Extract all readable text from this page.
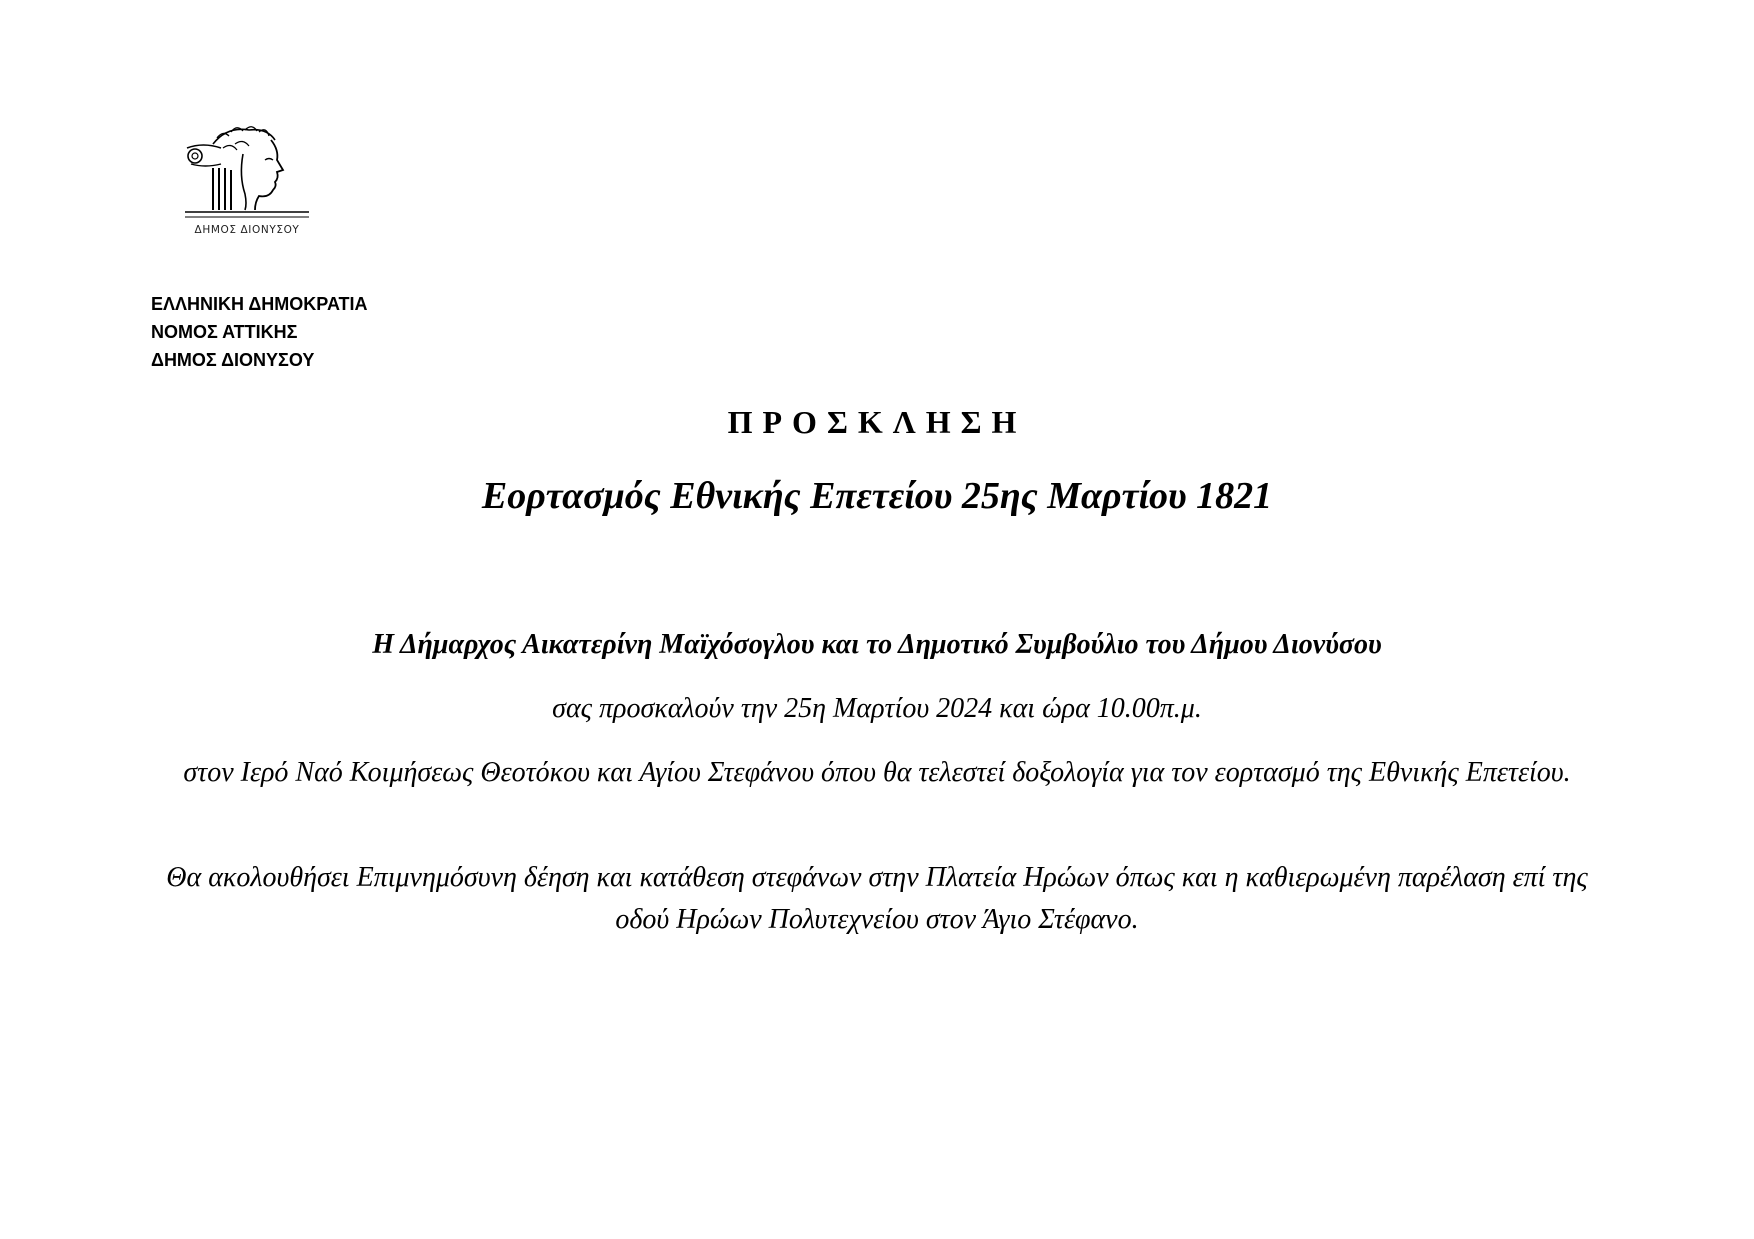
ΔΗΜΟΣ ΔΙΟΝΥΣΟΥ
ΕΛΛΗΝΙΚΗ ΔΗΜΟΚΡΑΤΙΑ
ΝΟΜΟΣ ΑΤΤΙΚΗΣ
ΔΗΜΟΣ ΔΙΟΝΥΣΟΥ
ΠΡΟΣΚΛΗΣΗ
Εορτασμός Εθνικής Επετείου 25ης Μαρτίου 1821
Η Δήμαρχος Αικατερίνη Μαϊχόσογλου και το Δημοτικό Συμβούλιο του Δήμου Διονύσου
σας προσκαλούν την 25η Μαρτίου 2024 και ώρα 10.00π.μ.
στον Ιερό Ναό Κοιμήσεως Θεοτόκου και Αγίου Στεφάνου όπου θα τελεστεί δοξολογία για τον εορτασμό της Εθνικής Επετείου.
Θα ακολουθήσει Επιμνημόσυνη δέηση και κατάθεση στεφάνων στην Πλατεία Ηρώων όπως και η καθιερωμένη παρέλαση επί της οδού Ηρώων Πολυτεχνείου στον Άγιο Στέφανο.
